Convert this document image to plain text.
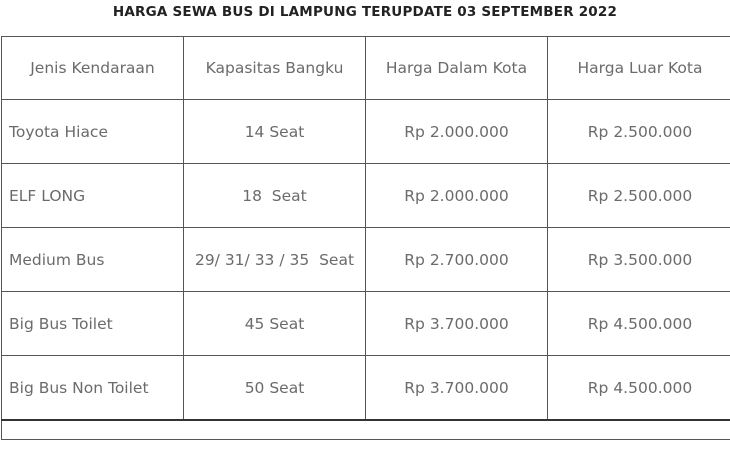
HARGA SEWA BUS DI LAMPUNG TERUPDATE 03 SEPTEMBER 2022
Jenis Kendaraan	Kapasitas Bangku	Harga Dalam Kota	Harga Luar Kota
Toyota Hiace	14 Seat	Rp 2.000.000	Rp 2.500.000
ELF LONG	18  Seat	Rp 2.000.000	Rp 2.500.000
Medium Bus	29/ 31/ 33 / 35  Seat	Rp 2.700.000	Rp 3.500.000
Big Bus Toilet	45 Seat	Rp 3.700.000	Rp 4.500.000
Big Bus Non Toilet	50 Seat	Rp 3.700.000	Rp 4.500.000
